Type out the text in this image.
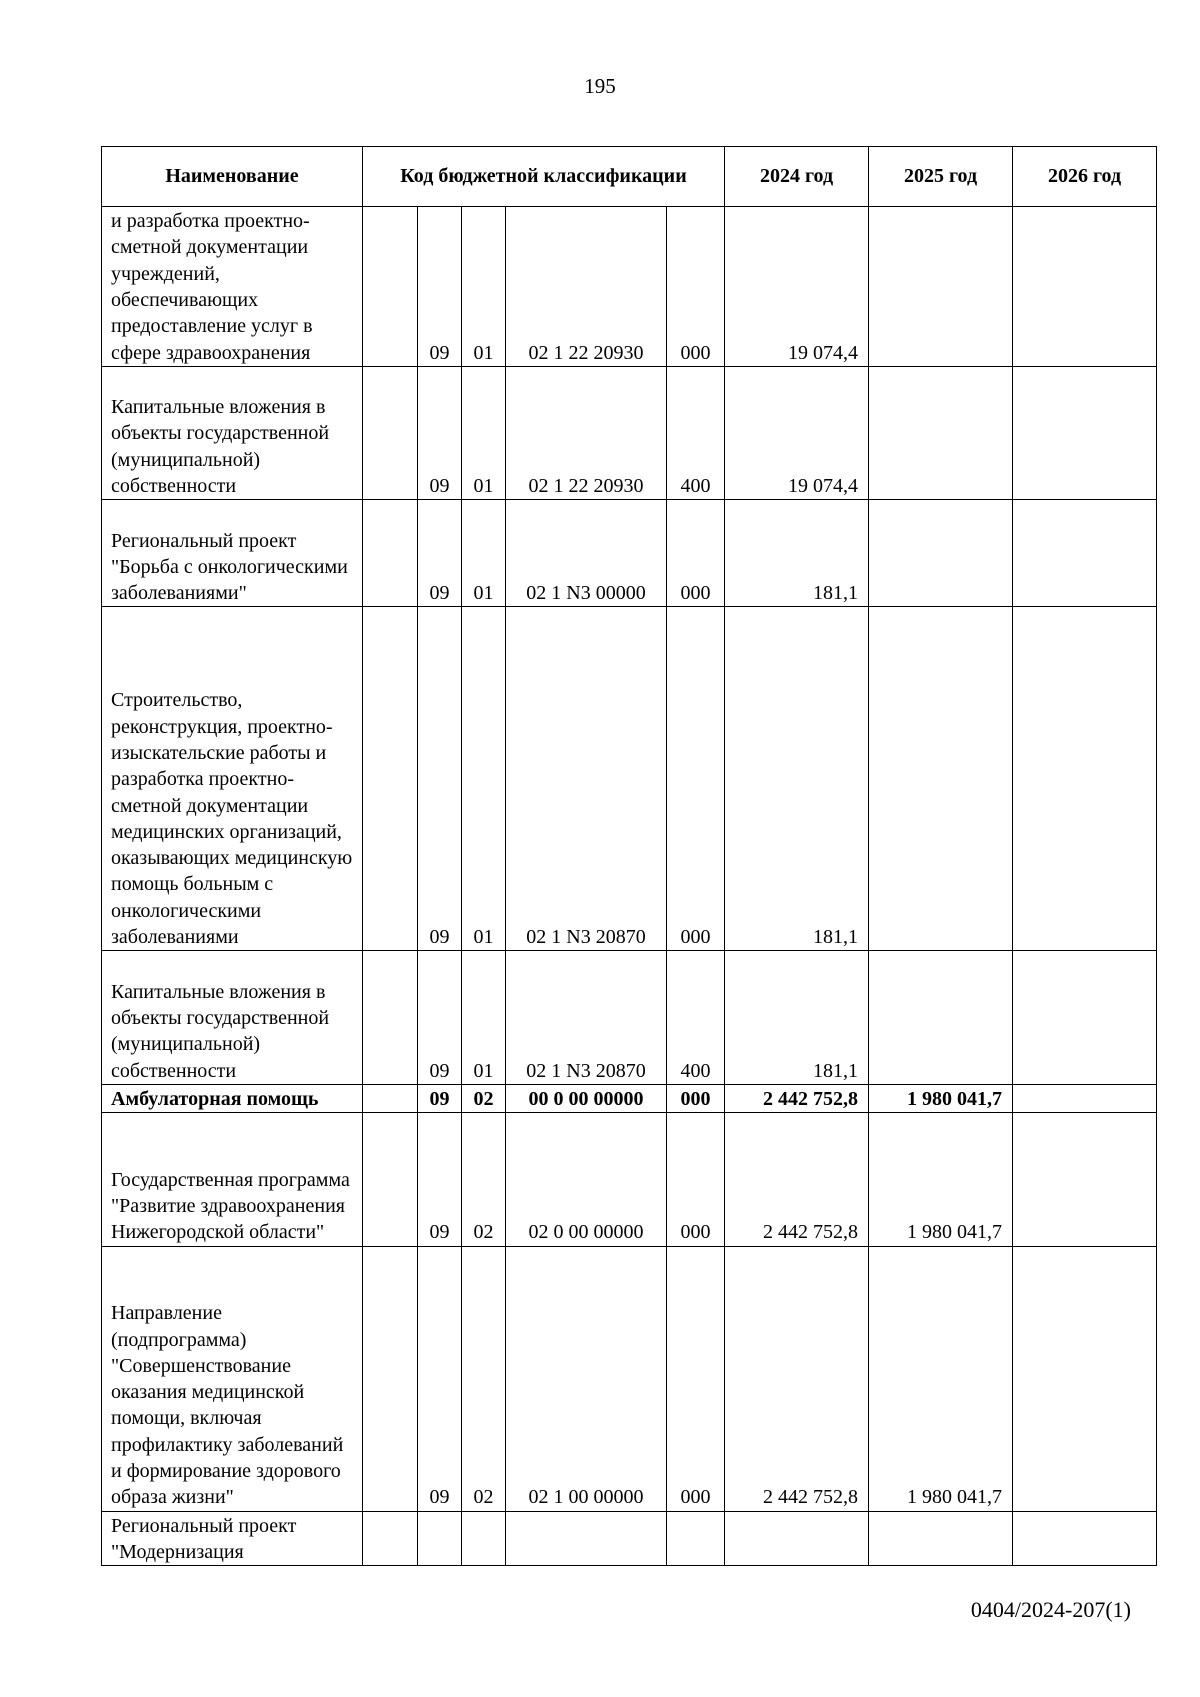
195
Наименование	Код бюджетной классификации					2024 год	2025 год	2026 год
и разработка проектно-сметной документации учреждений, обеспечивающих предоставление услуг в сфере здравоохранения		09	01	02 1 22 20930	000	19 074,4		
Капитальные вложения в объекты государственной (муниципальной) собственности		09	01	02 1 22 20930	400	19 074,4		
Региональный проект "Борьба с онкологическими заболеваниями"		09	01	02 1 N3 00000	000	181,1		
Строительство, реконструкция, проектно-изыскательские работы и разработка проектно-сметной документации медицинских организаций, оказывающих медицинскую помощь больным с онкологическими заболеваниями		09	01	02 1 N3 20870	000	181,1		
Капитальные вложения в объекты государственной (муниципальной) собственности		09	01	02 1 N3 20870	400	181,1		
Амбулаторная помощь		09	02	00 0 00 00000	000	2 442 752,8	1 980 041,7	
Государственная программа "Развитие здравоохранения Нижегородской области"		09	02	02 0 00 00000	000	2 442 752,8	1 980 041,7	
Направление (подпрограмма) "Совершенствование оказания медицинской помощи, включая профилактику заболеваний и формирование здорового образа жизни"		09	02	02 1 00 00000	000	2 442 752,8	1 980 041,7	
Региональный проект "Модернизация								
0404/2024-207(1)
